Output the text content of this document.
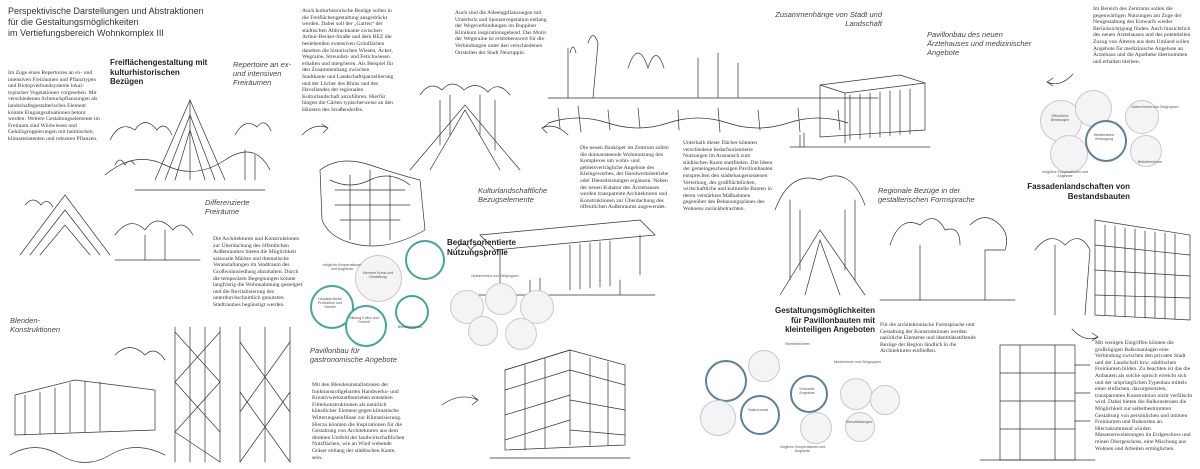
Perspektivische Darstellungen und Abstraktionen
für die Gestaltungsmöglichkeiten
im Vertiefungsbereich Wohnkomplex III
Im Zuge eines Repertoires an ex- und intensiven Freiräumen und Pflanztypen und Biotopverbundsysteme lokal-typischer Vegetationen vorgesehen. Mit verschiedenen Schmuckpflanzungen als landschaftsgestalterisches Element könnte Eingangssituationen betont werden: Weitere Gestaltungselemente im Freiraum sind Wildwiesen und Gehölzgruppierungen mit heimischen, klimaresistenten und robusten Pflanzen.
Auch kulturhistorische Bezüge sollen in die Freiflächengestaltung ausgedrückt werden. Dabei soll der „Garten“ der städtischen Abbruchkante zwischen Arthur-Becker-Straße und dem REZ die bestehenden extensiven Grünflächen daneben die historischen Wiesen, Äcker, Wegraine, Streuobst- und Fetichwiesen erhalten und integrieren. Als Beispiel für den Zusammenhang zwischen Stadtkante und Landschaftsparzellierung und der Löcher des Rhins und des Havellandes der regionalen Kulturlandschaft anzuführen. Hierfür hingen die Gärten typischerweise an den Häusern des Straßendorfes.
Auch sind die Alleengpflanzungen mit Unterholz und Sponanvegetation entlang der Wegeverbindungen im Ruppiner Klinikum inspirationsgebend. Das Motiv der Wegeraine ist erstrebenswert für die Verbindungen unter den verschiedenen Ortsteilen der Stadt Neuruppin.
Im Bereich des Zentrums sollen die gegenwärtigen Nutzungen am Zuge der Neugestaltung des Entwurfs wieder Berücksichtigung finden. Auch hinsichtlich des neuen Ärztehauses und des potentiellen Zuzug von Älteren aus dem Umland sollen Angebote für medizinische Angebote an Ärztehaus und die Apotheke übernommen und erhalten bleiben.
Die neuen Bauköper im Zentrum sollen die donnansteende Wohnnutzung des Komplexes um wohn- und gebietsverträgliche Angebote des Kleingewerbes, der Handwerksbetriebe oder Dienstleistungen ergänzen. Neben der neuen Kubatur des Ärztehauses werden transparente Architekturen und Konstruktionen zur Überdachung des öffentlichen Außenraums angewendet.
Unterhalb dieser Dächer könnten verschiedene bedarfsorientierte Nutzungen im Austausch zum städtischen Raum stattfinden. Die Ideen der gemeingeschossigen Pavillonbauten entsprechen den städtebaugenossenen Verteilung, des großflächtlichen, wirtschaftliche und kulturelle Bauten in deren verstärktes Maßnahmen gegenüber des Bebauungsplanes des Wohnens zurückbetrachten.
Die Architekturen und Konstruktionen zur Überdachung des öffentlichen Außenraumes bieten die Möglichkeit saisonale Märkte und thematische Veranstaltungen im Stadtraum des Großwohnsiedlung abzuhalten. Durch die temporären Begegnungen könnte langfristig die Wohnnahmung gesteigert und die Revitalisierung des unterdurchschnittlich genutzten Stadtraumes begünstigt werden.
Mit den Blendeninstallationen der funktionsrollgebarten Handwerks- und Kreativwerkstattbetrieben entstehen Filterkonstruktionen als natürlich künstlicher Element gegen klimatische Witterungseinflüsse zur Klimatisierung. Hierzu könnten die Inspirationen für die Gestaltung von Architekturen aus dem direkten Umfeld der landwirtschaftlichen Nutzflächen, wie an Wind wehende Gräser entlang der städtischen Kante, sein.
Für die architektonische Formsprache und Gestaltung der Konstruktionen werden natürliche Elemente und identitätsstiftende Bezüge der Region ländlich in die Architekturen einfließen.
Mit wenigen Eingriffen können die großzügigen Balkonanlagen eine Verbindung zwischen den privaten Stadt und der Landschaft bzw. städtischen Freiräumen bilden. Zu beachten ist das die Anbauten als solche optisch erreicht sich und der ursprünglichen Typenbau mittels einer einfachen, davorgesetzten, transparenten Konstruktion nicht verfälscht wird. Dabei bieten die Balkonsteraen die Möglichkeit zur selbstbestimmten Gestaltung von persönlichen und intimen Freiräumen und Ruheorten an. Hierzukommend würden Massenerweiterungen im Erdgeschoss und reinen Obergeschoss, eine Mischung aus Wohnen und Arbeiten ermöglichen.
Freiflächengestaltung mit kulturhistorischen Bezügen
Repertoire an ex- und intensiven Freiräumen
Differenzierte Freiräume
Zusammenhänge von Stadt und Landschaft
Pavillonbau des neuen Ärztehauses und medizinischer Angebote
Kulturlandschaftliche Bezugselemente
Bedarfsorientierte Nutzungsprofile
Regionale Bezüge in der gestalterischen Formsprache
Fassadenlandschaften von Bestandsbauten
Blenden-Konstruktionen
Pavillonbau für gastronomische Angebote
Gestaltungsmöglichkeiten für Pavillonbauten mit kleinteiligen Angeboten
Handwerkliche Produktion und Handel
Mehrere Kunst und Gestaltung
Bildung Kultur und Freizeit
mögliche Kooperationen und Angebote
Betreiber/innen
Nutzer/innen und Zielgruppen
Öffentliche Beratungen
Nutzer/innen und Zielgruppen
Medizinische Versorgung
Betreiber/innen
mögliche Kooperationen und Angebote
Gastronomie
Betreiber/innen
Kulturelle Angebote
mögliche Kooperationen und Angebote
Nutzer/innen und Zielgruppen
Dienstleistungen
